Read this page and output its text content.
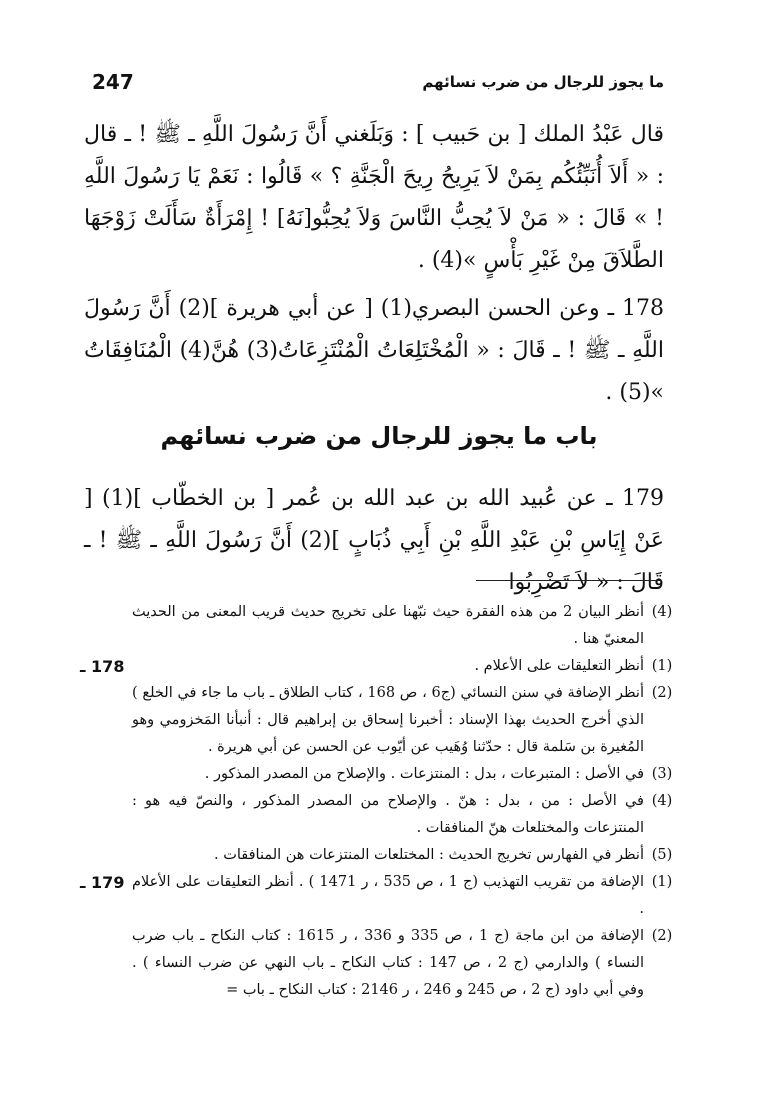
247	ما يجوز للرجال من ضرب نسائهم

قال عَبْدُ الملك [ بن حَبيب ] : وَبَلَغني أَنَّ رَسُولَ اللَّهِ ـ ﷺ ! ـ قال : « أَلاَ أُنَبِّئُكُم بِمَنْ لاَ يَرِيحُ رِيحَ الْجَنَّةِ ؟ » قَالُوا : نَعَمْ يَا رَسُولَ اللَّهِ ! » قَالَ : « مَنْ لاَ يُحِبُّ النَّاسَ وَلاَ يُحِبُّو[نَهُ] ! إِمْرَأَةٌ سَأَلَتْ زَوْجَهَا الطَّلاَقَ مِنْ غَيْرِ بَأْسٍ »(4) .

178 ـ وعن الحسن البصري(1) [ عن أبي هريرة ](2) أَنَّ رَسُولَ اللَّهِ ـ ﷺ ! ـ قَالَ : « الْمُخْتَلِعَاتُ الْمُنْتَزِعَاتُ(3) هُنَّ(4) الْمُنَافِقَاتُ »(5) .

باب ما يجوز للرجال من ضرب نسائهم

179 ـ عن عُبيد الله بن عبد الله بن عُمر [ بن الخطّاب ](1) [ عَنْ إِيَاسِ بْنِ عَبْدِ اللَّهِ بْنِ أَبِي ذُبَابٍ ](2) أَنَّ رَسُولَ اللَّهِ ـ ﷺ ! ـ قَالَ : « لاَ تَضْرِبُوا

(4)
أنظر البيان 2 من هذه الفقرة حيث نبّهنا على تخريج حديث قريب المعنى من الحديث المعنيّ هنا .
(1)
أنظر التعليقات على الأعلام .
178 ـ
(2)
أنظر الإضافة في سنن النسائي (ج6 ، ص 168 ، كتاب الطلاق ـ باب ما جاء في الخلع ) الذي أخرج الحديث بهذا الإسناد : أخبرنا إسحاق بن إبراهيم قال : أنبأنا المَخزومي وهو المُغيرة بن سَلمة قال : حدّثنا وُهَيب عن أيّوب عن الحسن عن أبي هريرة .
(3)
في الأصل : المتبرعات ، بدل : المنتزعات . والإصلاح من المصدر المذكور .
(4)
في الأصل : من ، بدل : هنّ . والإصلاح من المصدر المذكور ، والنصّ فيه هو : المنتزعات والمختلعات هنّ المنافقات .
(5)
أنظر في الفهارس تخريج الحديث : المختلعات المنتزعات هن المنافقات .
(1)
الإضافة من تقريب التهذيب (ج 1 ، ص 535 ، ر 1471 ) . أنظر التعليقات على الأعلام .
179 ـ
(2)
الإضافة من ابن ماجة (ج 1 ، ص 335 و 336 ، ر 1615 : كتاب النكاح ـ باب ضرب النساء ) والدارمي (ج 2 ، ص 147 : كتاب النكاح ـ باب النهي عن ضرب النساء ) . وفي أبي داود (ج 2 ، ص 245 و 246 ، ر 2146 : كتاب النكاح ـ باب =
